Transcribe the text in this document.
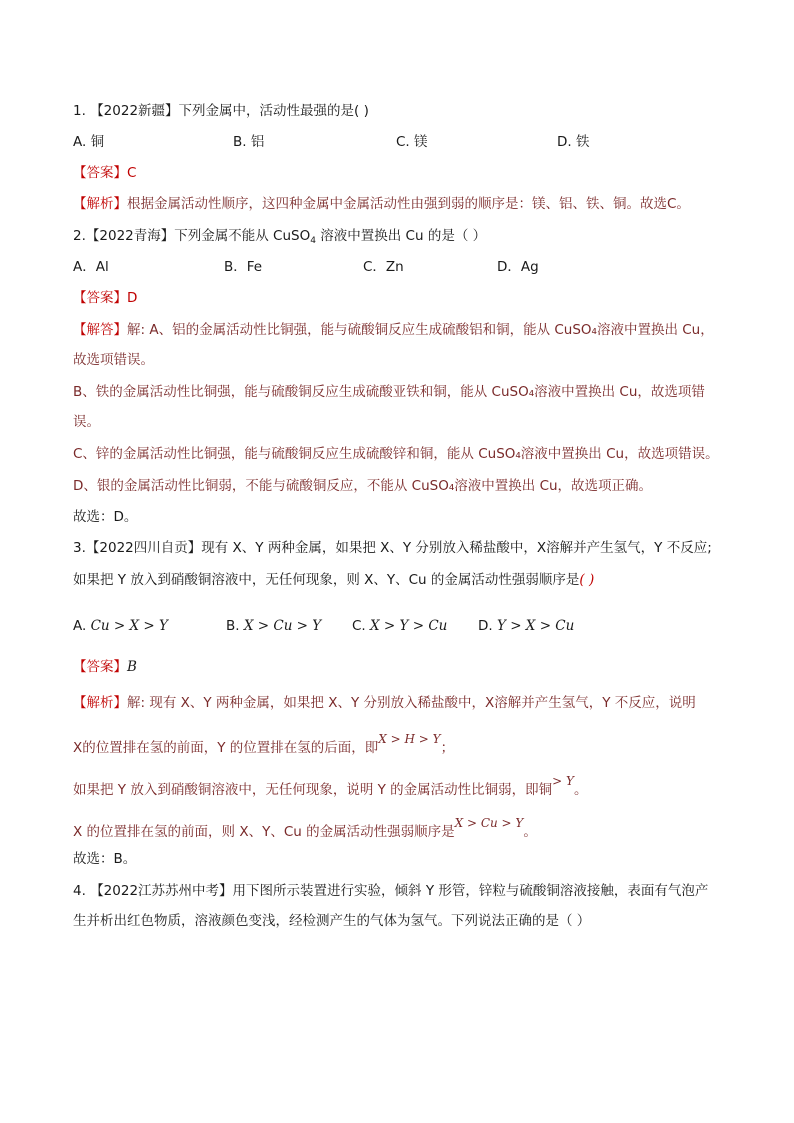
1. 【2022新疆】下列金属中，活动性最强的是( )
A. 铜	B. 铝	C. 镁	D. 铁
【答案】C
【解析】根据金属活动性顺序，这四种金属中金属活动性由强到弱的顺序是：镁、铝、铁、铜。故选C。
2.【2022青海】下列金属不能从 CuSO$_4$ 溶液中置换出 Cu 的是（ ）
A．Al	B．Fe	C．Zn	D．Ag
【答案】D
【解答】解: A、铝的金属活动性比铜强，能与硫酸铜反应生成硫酸铝和铜，能从 CuSO₄溶液中置换出 Cu，
故选项错误。
B、铁的金属活动性比铜强，能与硫酸铜反应生成硫酸亚铁和铜，能从 CuSO₄溶液中置换出 Cu，故选项错
误。
C、锌的金属活动性比铜强，能与硫酸铜反应生成硫酸锌和铜，能从 CuSO₄溶液中置换出 Cu，故选项错误。
D、银的金属活动性比铜弱，不能与硫酸铜反应，不能从 CuSO₄溶液中置换出 Cu，故选项正确。
故选：D。
3.【2022四川自贡】现有 X、Y 两种金属，如果把 X、Y 分别放入稀盐酸中，X溶解并产生氢气，Y 不反应;
如果把 Y 放入到硝酸铜溶液中，无任何现象，则 X、Y、Cu 的金属活动性强弱顺序是( )
A. Cu > X > Y	B. X > Cu > Y C. X > Y > Cu D. Y > X > Cu
【答案】B
【解析】解: 现有 X、Y 两种金属，如果把 X、Y 分别放入稀盐酸中，X溶解并产生氢气，Y 不反应，说明
X的位置排在氢的前面，Y 的位置排在氢的后面，即X > H > Y；
如果把 Y 放入到硝酸铜溶液中，无任何现象，说明 Y 的金属活动性比铜弱，即铜> Y。
X 的位置排在氢的前面，则 X、Y、Cu 的金属活动性强弱顺序是X > Cu > Y。
故选：B。
4. 【2022江苏苏州中考】用下图所示装置进行实验，倾斜 Y 形管，锌粒与硫酸铜溶液接触，表面有气泡产
生并析出红色物质，溶液颜色变浅，经检测产生的气体为氢气。下列说法正确的是（ ）
